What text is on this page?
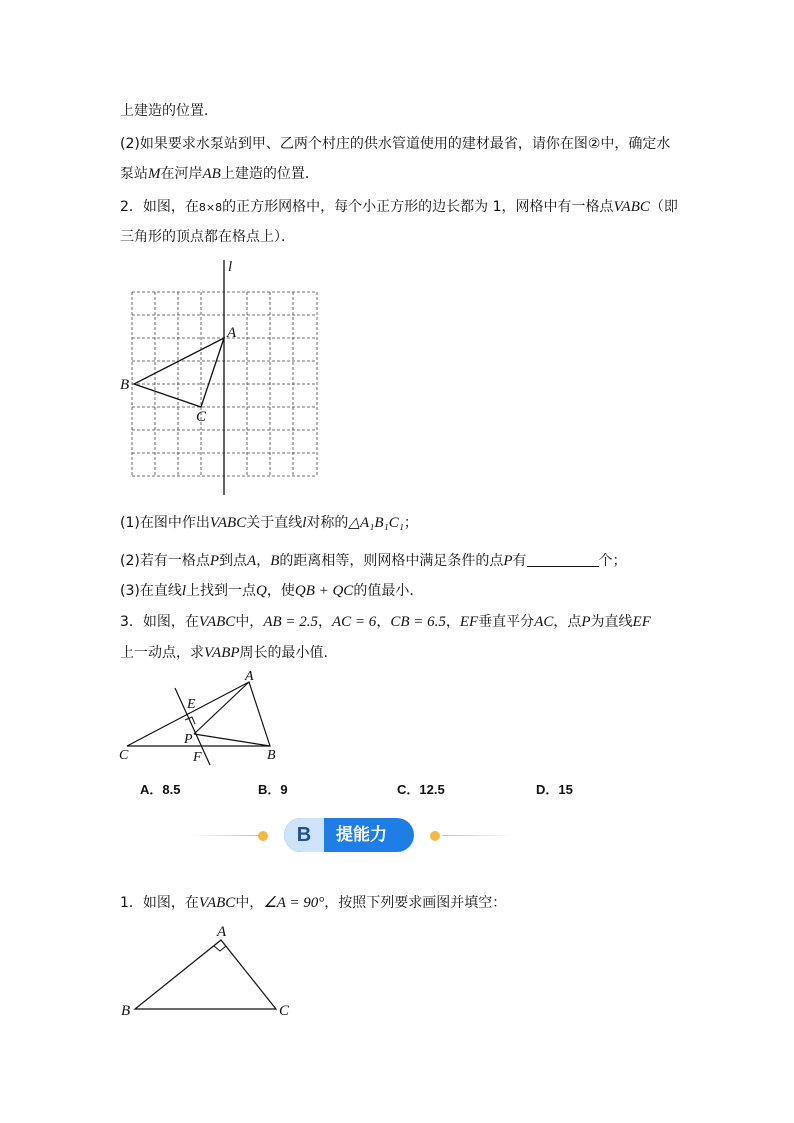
上建造的位置．
(2)如果要求水泵站到甲、乙两个村庄的供水管道使用的建材最省，请你在图②中，确定水
泵站M在河岸AB上建造的位置．
2．如图，在8×8的正方形网格中，每个小正方形的边长都为 1，网格中有一格点VABC（即
三角形的顶点都在格点上）．
l
A
B
C
(1)在图中作出VABC关于直线l对称的△A₁B₁C₁；
(2)若有一格点P到点A，B的距离相等，则网格中满足条件的点P有	个；
(3)在直线l上找到一点Q，使QB + QC的值最小．
3．如图，在VABC中，AB = 2.5，AC = 6，CB = 6.5，EF垂直平分AC，点P为直线EF
上一动点，求VABP周长的最小值.
A
E
P
C	F	B
A．8.5	B．9	C．12.5	D．15
B	提能力
1．如图，在VABC中，∠A = 90°，按照下列要求画图并填空：
A
B	C
